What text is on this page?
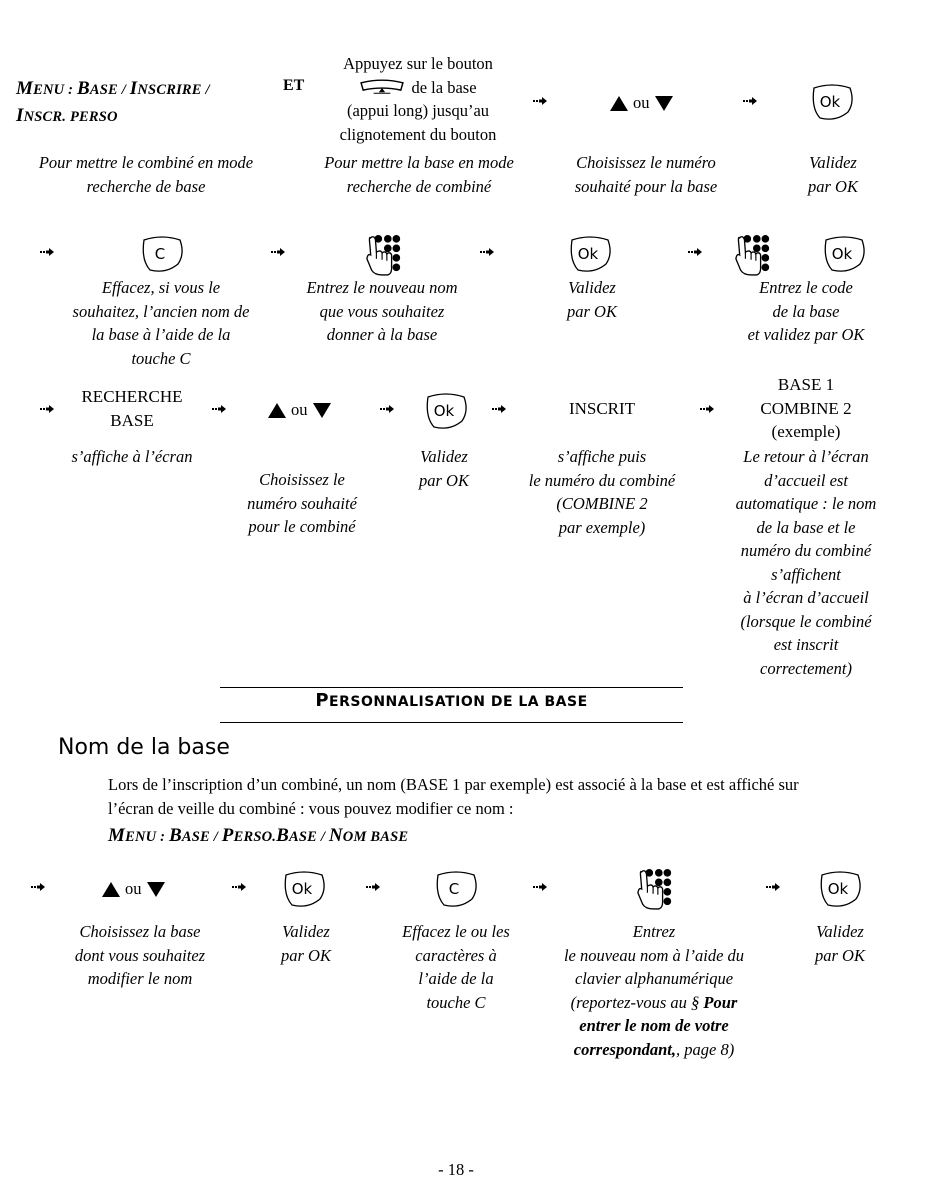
MENU : BASE / INSCRIRE /
INSCR. PERSO
ET
Appuyez sur le bouton
de la base
(appui long) jusqu’au
clignotement du bouton
ou	Ok
Pour mettre le combiné en mode
recherche de base
Pour mettre la base en mode
recherche de combiné
Choisissez le numéro
souhaité pour la base
Validez
par OK
C	Ok	Ok
Effacez, si vous le
souhaitez, l’ancien nom de
la base à l’aide de la
touche C
Entrez le nouveau nom
que vous souhaitez
donner à la base
Validez
par OK
Entrez le code
de la base
et validez par OK
RECHERCHE
BASE
ou	Ok	INSCRIT
BASE 1
COMBINE 2
(exemple)
s’affiche à l’écran
Choisissez le
numéro souhaité
pour le combiné
Validez
par OK
s’affiche puis
le numéro du combiné
(COMBINE 2
par exemple)
Le retour à l’écran
d’accueil est
automatique : le nom
de la base et le
numéro du combiné
s’affichent
à l’écran d’accueil
(lorsque le combiné
est inscrit
correctement)
PERSONNALISATION DE LA BASE
Nom de la base
Lors de l’inscription d’un combiné, un nom (BASE 1 par exemple) est associé à la base et est affiché sur
l’écran de veille du combiné : vous pouvez modifier ce nom :
MENU : BASE / PERSO.BASE / NOM BASE
ou	Ok	C	Ok
Choisissez la base
dont vous souhaitez
modifier le nom
Validez
par OK
Effacez le ou les
caractères à
l’aide de la
touche C
Entrez
le nouveau nom à l’aide du
clavier alphanumérique
(reportez-vous au § Pour
entrer le nom de votre
correspondant,, page 8)
Validez
par OK
- 18 -
